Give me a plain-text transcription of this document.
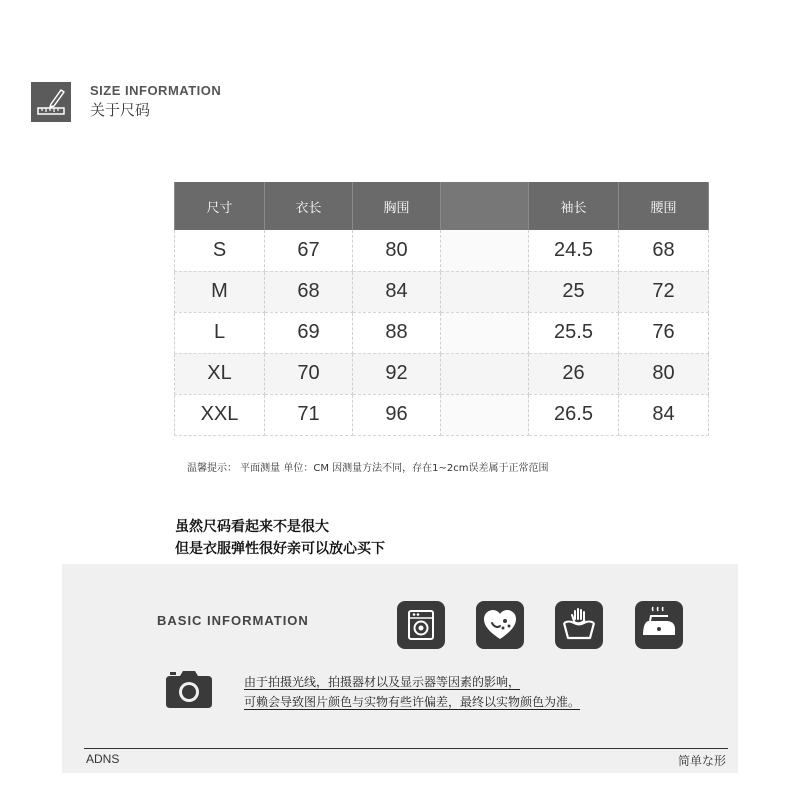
SIZE INFORMATION
关于尺码
尺寸	衣长	胸围		袖长	腰围
S	67	80		24.5	68
M	68	84		25	72
L	69	88		25.5	76
XL	70	92		26	80
XXL	71	96		26.5	84
温馨提示： 平面测量 单位：CM 因测量方法不同，存在1~2cm误差属于正常范围
虽然尺码看起来不是很大
但是衣服弹性很好亲可以放心买下
BASIC INFORMATION
由于拍摄光线，拍摄器材以及显示器等因素的影响，
可赖会导致图片颜色与实物有些许偏差，最终以实物颜色为准。
ADNS	简单な形
